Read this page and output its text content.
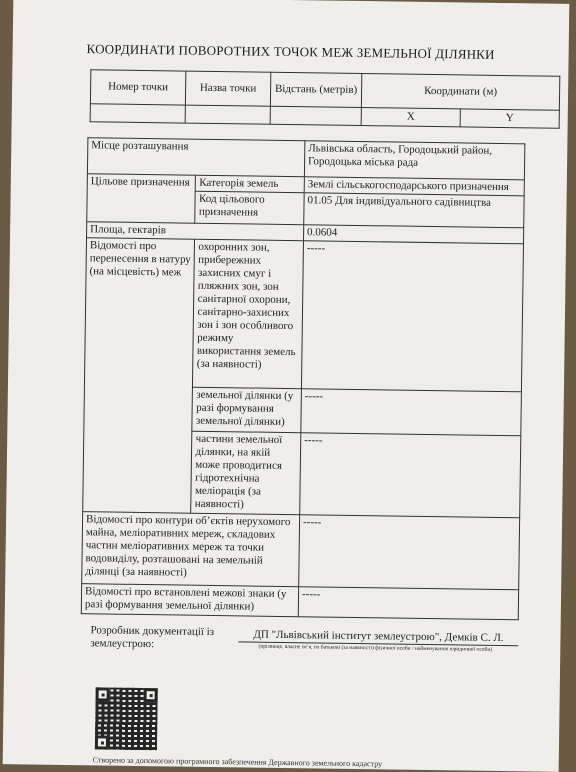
КООРДИНАТИ ПОВОРОТНИХ ТОЧОК МЕЖ ЗЕМЕЛЬНОЇ ДІЛЯНКИ
Номер точки	Назва точки	Відстань (метрів)	Координати (м)	
			X	Y
Місце розташування		Львівська область, Городоцький район, Городоцька міська рада
Цільове призначення	Категорія земель	Землі сільськогосподарського призначення
	Код цільового призначення	01.05 Для індивідуального садівництва
Площа, гектарів		0.0604
Відомості про перенесення в натуру (на місцевість) меж	охоронних зон, прибережних захисних смуг і пляжних зон, зон санітарної охорони, санітарно-захисних зон і зон особливого режиму використання земель (за наявності)	-----
	земельної ділянки (у разі формування земельної ділянки)	-----
	частини земельної ділянки, на якій може проводитися гідротехнічна меліорація (за наявності)	-----
Відомості про контури об’єктів нерухомого майна, меліоративних мереж, складових частин меліоративних мереж та точки водовиділу, розташовані на земельній ділянці (за наявності)		-----
Відомості про встановлені межові знаки (у разі формування земельної ділянки)		-----
Розробник документації із землеустрою:	ДП "Львівський інститут землеустрою", Демків С. Л.
(прізвище, власне ім’я, по батькові (за наявності) фізичної особи / найменування юридичної особи)
Створено за допомогою програмного забезпечення Державного земельного кадастру
